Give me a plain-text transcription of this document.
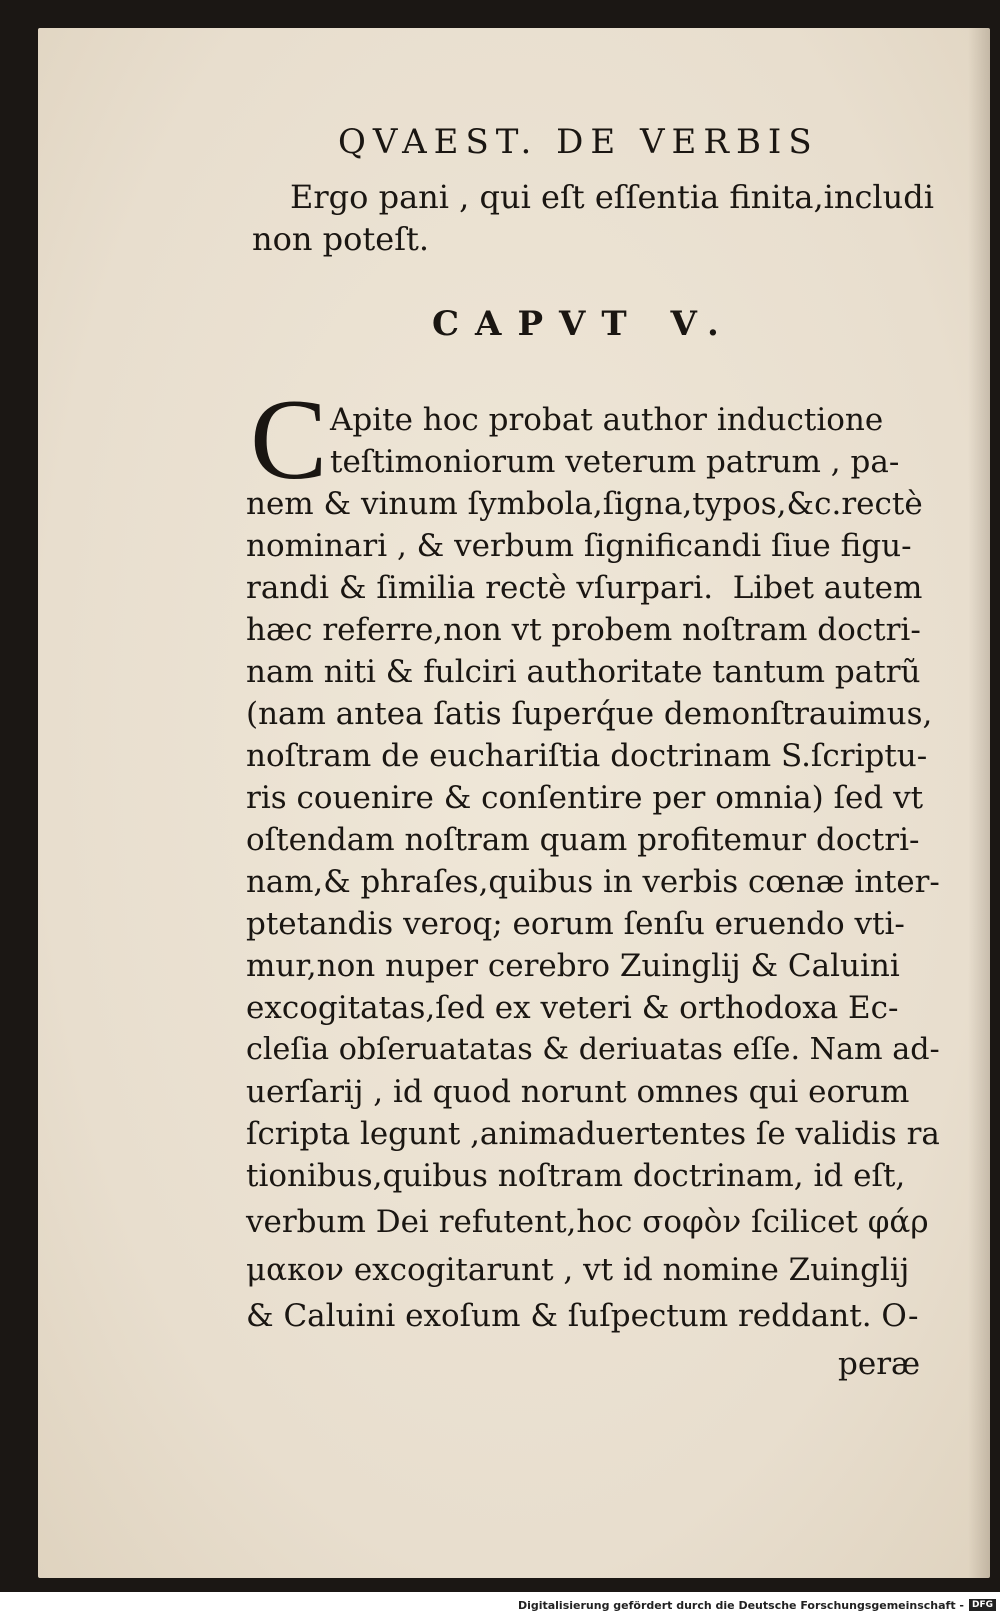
QVAEST. DE VERBIS
Ergo pani , qui eſt eſſentia finita,includi
non poteſt.
CAPVT V.
C Apite hoc probat author inductione
teſtimoniorum veterum patrum , pa-
nem & vinum ſymbola,ſigna,typos,&c.rectè
nominari , & verbum ſignificandi ſiue figu-
randi & ſimilia rectè vſurpari.  Libet autem
hæc referre,non vt probem noſtram doctri-
nam niti & fulciri authoritate tantum patrũ
(nam antea ſatis ſuperq́ue demonſtrauimus,
noſtram de euchariſtia doctrinam S.ſcriptu-
ris couenire & conſentire per omnia) ſed vt
oſtendam noſtram quam profitemur doctri-
nam,& phraſes,quibus in verbis cœnæ inter-
ptetandis veroq; eorum ſenſu eruendo vti-
mur,non nuper cerebro Zuinglij & Caluini
excogitatas,ſed ex veteri & orthodoxa Ec-
cleſia obſeruatatas & deriuatas eſſe. Nam ad-
uerſarij , id quod norunt omnes qui eorum
ſcripta legunt ,animaduertentes ſe validis ra
tionibus,quibus noſtram doctrinam, id eſt,
verbum Dei refutent,hoc σοφὸν ſcilicet φάρ
μακον excogitarunt , vt id nomine Zuinglij
& Caluini exoſum & ſuſpectum reddant. O-
peræ
Digitalisierung gefördert durch die Deutsche Forschungsgemeinschaft - DFG
